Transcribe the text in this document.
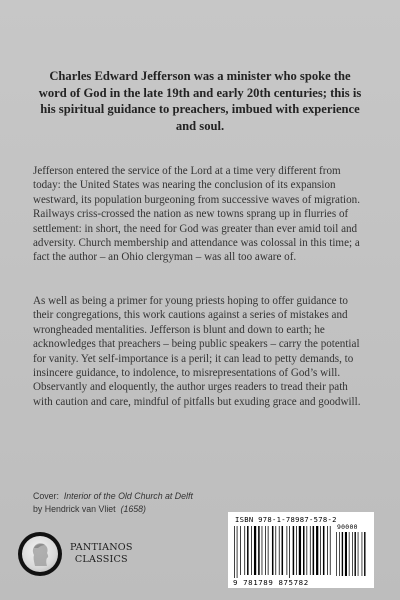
Charles Edward Jefferson was a minister who spoke the word of God in the late 19th and early 20th centuries; this is his spiritual guidance to preachers, imbued with experience and soul.
Jefferson entered the service of the Lord at a time very different from today: the United States was nearing the conclusion of its expansion westward, its population burgeoning from successive waves of migration. Railways criss-crossed the nation as new towns sprang up in flurries of settlement: in short, the need for God was greater than ever amid toil and adversity. Church membership and attendance was colossal in this time; a fact the author – an Ohio clergyman – was all too aware of.
As well as being a primer for young priests hoping to offer guidance to their congregations, this work cautions against a series of mistakes and wrongheaded mentalities. Jefferson is blunt and down to earth; he acknowledges that preachers – being public speakers – carry the potential for vanity. Yet self-importance is a peril; it can lead to petty demands, to insincere guidance, to indolence, to misrepresentations of God’s will. Observantly and eloquently, the author urges readers to tread their path with caution and care, mindful of pitfalls but exuding grace and goodwill.
Cover: Interior of the Old Church at Delft
by Hendrick van Vliet (1658)
PANTIANOS
CLASSICS
ISBN 978-1-78987-578-2
90000
9 781789 875782
